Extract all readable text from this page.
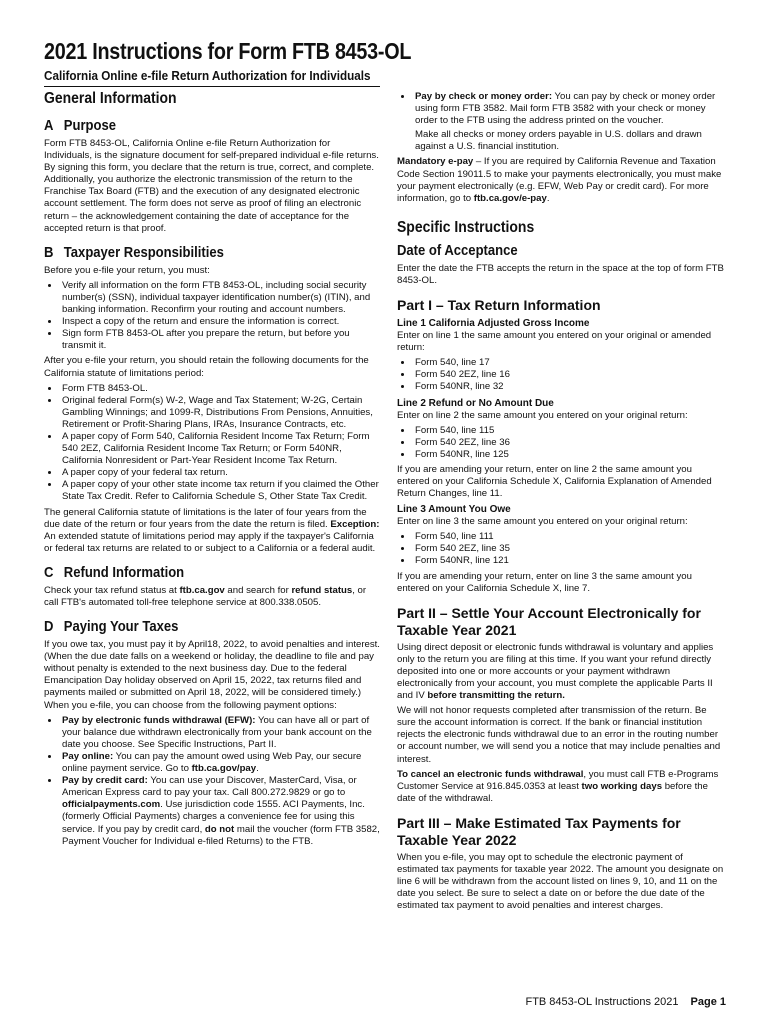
2021 Instructions for Form FTB 8453-OL
California Online e-file Return Authorization for Individuals
General Information
A Purpose

Form FTB 8453-OL, California Online e-file Return Authorization for Individuals, is the signature document for self-prepared individual e-file returns. By signing this form, you declare that the return is true, correct, and complete. Additionally, you authorize the electronic transmission of the return to the Franchise Tax Board (FTB) and the execution of any designated electronic account settlement. The form does not serve as proof of filing an electronic return – the acknowledgement containing the date of acceptance for the accepted return is that proof.

B Taxpayer Responsibilities

Before you e-file your return, you must:

• Verify all information on the form FTB 8453-OL, including social security number(s) (SSN), individual taxpayer identification number(s) (ITIN), and banking information. Reconfirm your routing and account numbers.
• Inspect a copy of the return and ensure the information is correct.
• Sign form FTB 8453-OL after you prepare the return, but before you transmit it.

After you e-file your return, you should retain the following documents for the California statute of limitations period:

• Form FTB 8453-OL.
• Original federal Form(s) W-2, Wage and Tax Statement; W-2G, Certain Gambling Winnings; and 1099-R, Distributions From Pensions, Annuities, Retirement or Profit-Sharing Plans, IRAs, Insurance Contracts, etc.
• A paper copy of Form 540, California Resident Income Tax Return; Form 540 2EZ, California Resident Income Tax Return; or Form 540NR, California Nonresident or Part-Year Resident Income Tax Return.
• A paper copy of your federal tax return.
• A paper copy of your other state income tax return if you claimed the Other State Tax Credit. Refer to California Schedule S, Other State Tax Credit.

The general California statute of limitations is the later of four years from the due date of the return or four years from the date the return is filed. Exception: An extended statute of limitations period may apply if the taxpayer's California or federal tax returns are related to or subject to a California or a federal audit.

C Refund Information

Check your tax refund status at ftb.ca.gov and search for refund status, or call FTB's automated toll-free telephone service at 800.338.0505.

D Paying Your Taxes

If you owe tax, you must pay it by April18, 2022, to avoid penalties and interest. (When the due date falls on a weekend or holiday, the deadline to file and pay without penalty is extended to the next business day. Due to the federal Emancipation Day holiday observed on April 15, 2022, tax returns filed and payments mailed or submitted on April 18, 2022, will be considered timely.) When you e-file, you can choose from the following payment options:

• Pay by electronic funds withdrawal (EFW): You can have all or part of your balance due withdrawn electronically from your bank account on the date you choose. See Specific Instructions, Part II.
• Pay online: You can pay the amount owed using Web Pay, our secure online payment service. Go to ftb.ca.gov/pay.
• Pay by credit card: You can use your Discover, MasterCard, Visa, or American Express card to pay your tax. Call 800.272.9829 or go to officialpayments.com. Use jurisdiction code 1555. ACI Payments, Inc. (formerly Official Payments) charges a convenience fee for using this service. If you pay by credit card, do not mail the voucher (form FTB 3582, Payment Voucher for Individual e-filed Returns) to the FTB.
• Pay by check or money order: You can pay by check or money order using form FTB 3582. Mail form FTB 3582 with your check or money order to the FTB using the address printed on the voucher.
Make all checks or money orders payable in U.S. dollars and drawn against a U.S. financial institution.

Mandatory e-pay – If you are required by California Revenue and Taxation Code Section 19011.5 to make your payments electronically, you must make your payment electronically (e.g. EFW, Web Pay or credit card). For more information, go to ftb.ca.gov/e-pay.

Specific Instructions
Date of Acceptance

Enter the date the FTB accepts the return in the space at the top of form FTB 8453-OL.

Part I – Tax Return Information
Line 1 California Adjusted Gross Income

Enter on line 1 the same amount you entered on your original or amended return:

• Form 540, line 17
• Form 540 2EZ, line 16
• Form 540NR, line 32
Line 2 Refund or No Amount Due

Enter on line 2 the same amount you entered on your original return:

• Form 540, line 115
• Form 540 2EZ, line 36
• Form 540NR, line 125

If you are amending your return, enter on line 2 the same amount you entered on your California Schedule X, California Explanation of Amended Return Changes, line 11.

Line 3 Amount You Owe

Enter on line 3 the same amount you entered on your original return:

• Form 540, line 111
• Form 540 2EZ, line 35
• Form 540NR, line 121

If you are amending your return, enter on line 3 the same amount you entered on your California Schedule X, line 7.

Part II – Settle Your Account Electronically for Taxable Year 2021

Using direct deposit or electronic funds withdrawal is voluntary and applies only to the return you are filing at this time. If you want your refund directly deposited into one or more accounts or your payment withdrawn electronically from your account, you must complete the applicable Parts II and IV before transmitting the return.

We will not honor requests completed after transmission of the return. Be sure the account information is correct. If the bank or financial institution rejects the electronic funds withdrawal due to an error in the routing number or account number, we will send you a notice that may include penalties and interest.

To cancel an electronic funds withdrawal, you must call FTB e-Programs Customer Service at 916.845.0353 at least two working days before the date of the withdrawal.

Part III – Make Estimated Tax Payments for Taxable Year 2022

When you e-file, you may opt to schedule the electronic payment of estimated tax payments for taxable year 2022. The amount you designate on line 6 will be withdrawn from the account listed on lines 9, 10, and 11 on the date you select. Be sure to select a date on or before the due date of the estimated tax payment to avoid penalties and interest charges.

FTB 8453-OL Instructions 2021 Page 1
